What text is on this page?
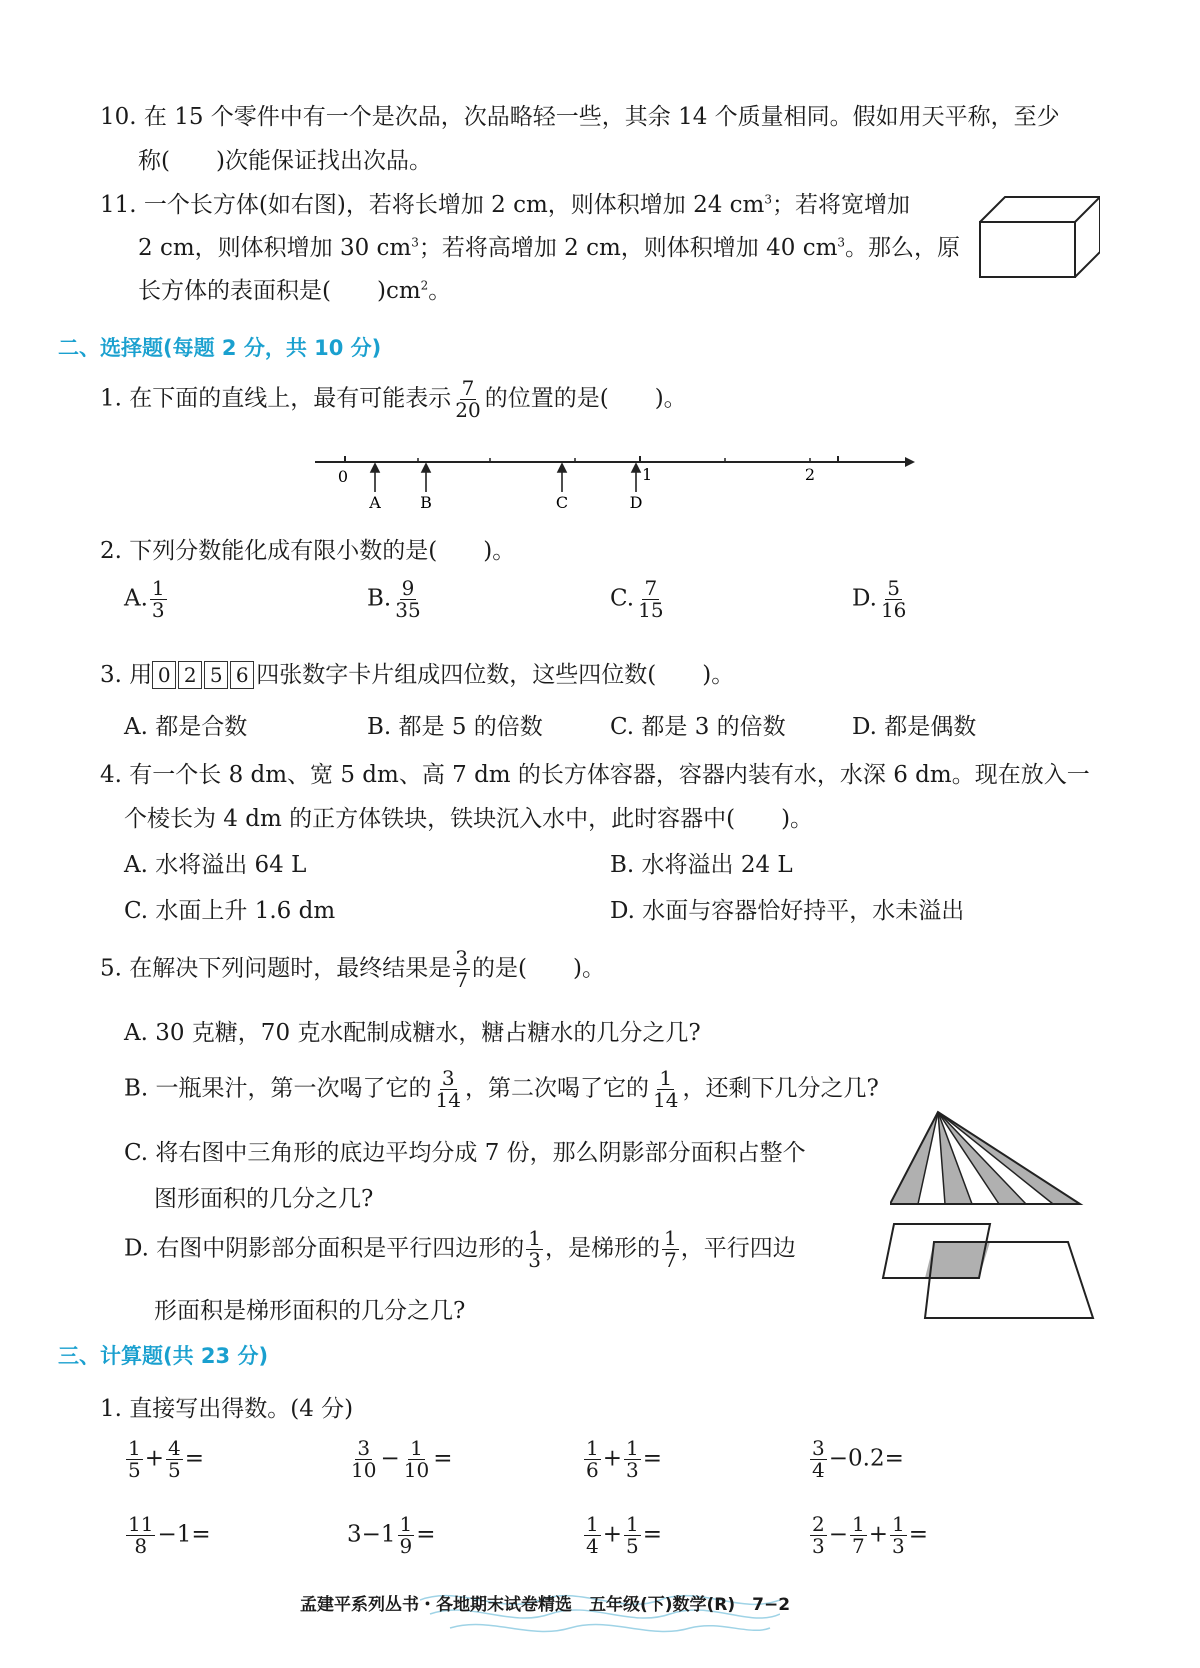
10. 在 15 个零件中有一个是次品，次品略轻一些，其余 14 个质量相同。假如用天平称，至少
称(　　)次能保证找出次品。
11. 一个长方体(如右图)，若将长增加 2 cm，则体积增加 24 $cm^3$；若将宽增加
2 cm，则体积增加 30 $cm^3$；若将高增加 2 cm，则体积增加 40 $cm^3$。那么，原
长方体的表面积是(　　)$cm^2$。
二、选择题(每题 2 分，共 10 分)
1. 在下面的直线上，最有可能表示 $\frac{7}{20}$ 的位置的是(　　)。
0	1	2
A B	C	D
2. 下列分数能化成有限小数的是(　　)。
A. $\frac{1}{3}$	B. $\frac{9}{35}$	C. $\frac{7}{15}$	D. $\frac{5}{16}$
3. 用 0 2 5 6 四张数字卡片组成四位数，这些四位数(　　)。
A. 都是合数	B. 都是 5 的倍数	C. 都是 3 的倍数	D. 都是偶数
4. 有一个长 8 dm、宽 5 dm、高 7 dm 的长方体容器，容器内装有水，水深 6 dm。现在放入一
个棱长为 4 dm 的正方体铁块，铁块沉入水中，此时容器中(　　)。
A. 水将溢出 64 L	B. 水将溢出 24 L
C. 水面上升 1.6 dm	D. 水面与容器恰好持平，水未溢出
5. 在解决下列问题时，最终结果是 $\frac{3}{7}$ 的是(　　)。
A. 30 克糖，70 克水配制成糖水，糖占糖水的几分之几?
B. 一瓶果汁，第一次喝了它的 $\frac{3}{14}$ ，第二次喝了它的 $\frac{1}{14}$ ，还剩下几分之几?
C. 将右图中三角形的底边平均分成 7 份，那么阴影部分面积占整个
图形面积的几分之几?
D. 右图中阴影部分面积是平行四边形的 $\frac{1}{3}$ ，是梯形的 $\frac{1}{7}$ ，平行四边
形面积是梯形面积的几分之几?
三、计算题(共 23 分)
1. 直接写出得数。(4 分)
$\frac{1}{5} + \frac{4}{5}$ =	$\frac{3}{10} - \frac{1}{10}$ =	$\frac{1}{6} + \frac{1}{3}$ =	$\frac{3}{4} -0.2=$
$\frac{11}{8} -1=$	$3-1 \frac{1}{9}$ =	$\frac{1}{4} + \frac{1}{5}$ =	$\frac{2}{3} - \frac{1}{7} + \frac{1}{3}$ =
孟建平系列丛书・各地期末试卷精选　五年级(下)数学(R)　7−2
